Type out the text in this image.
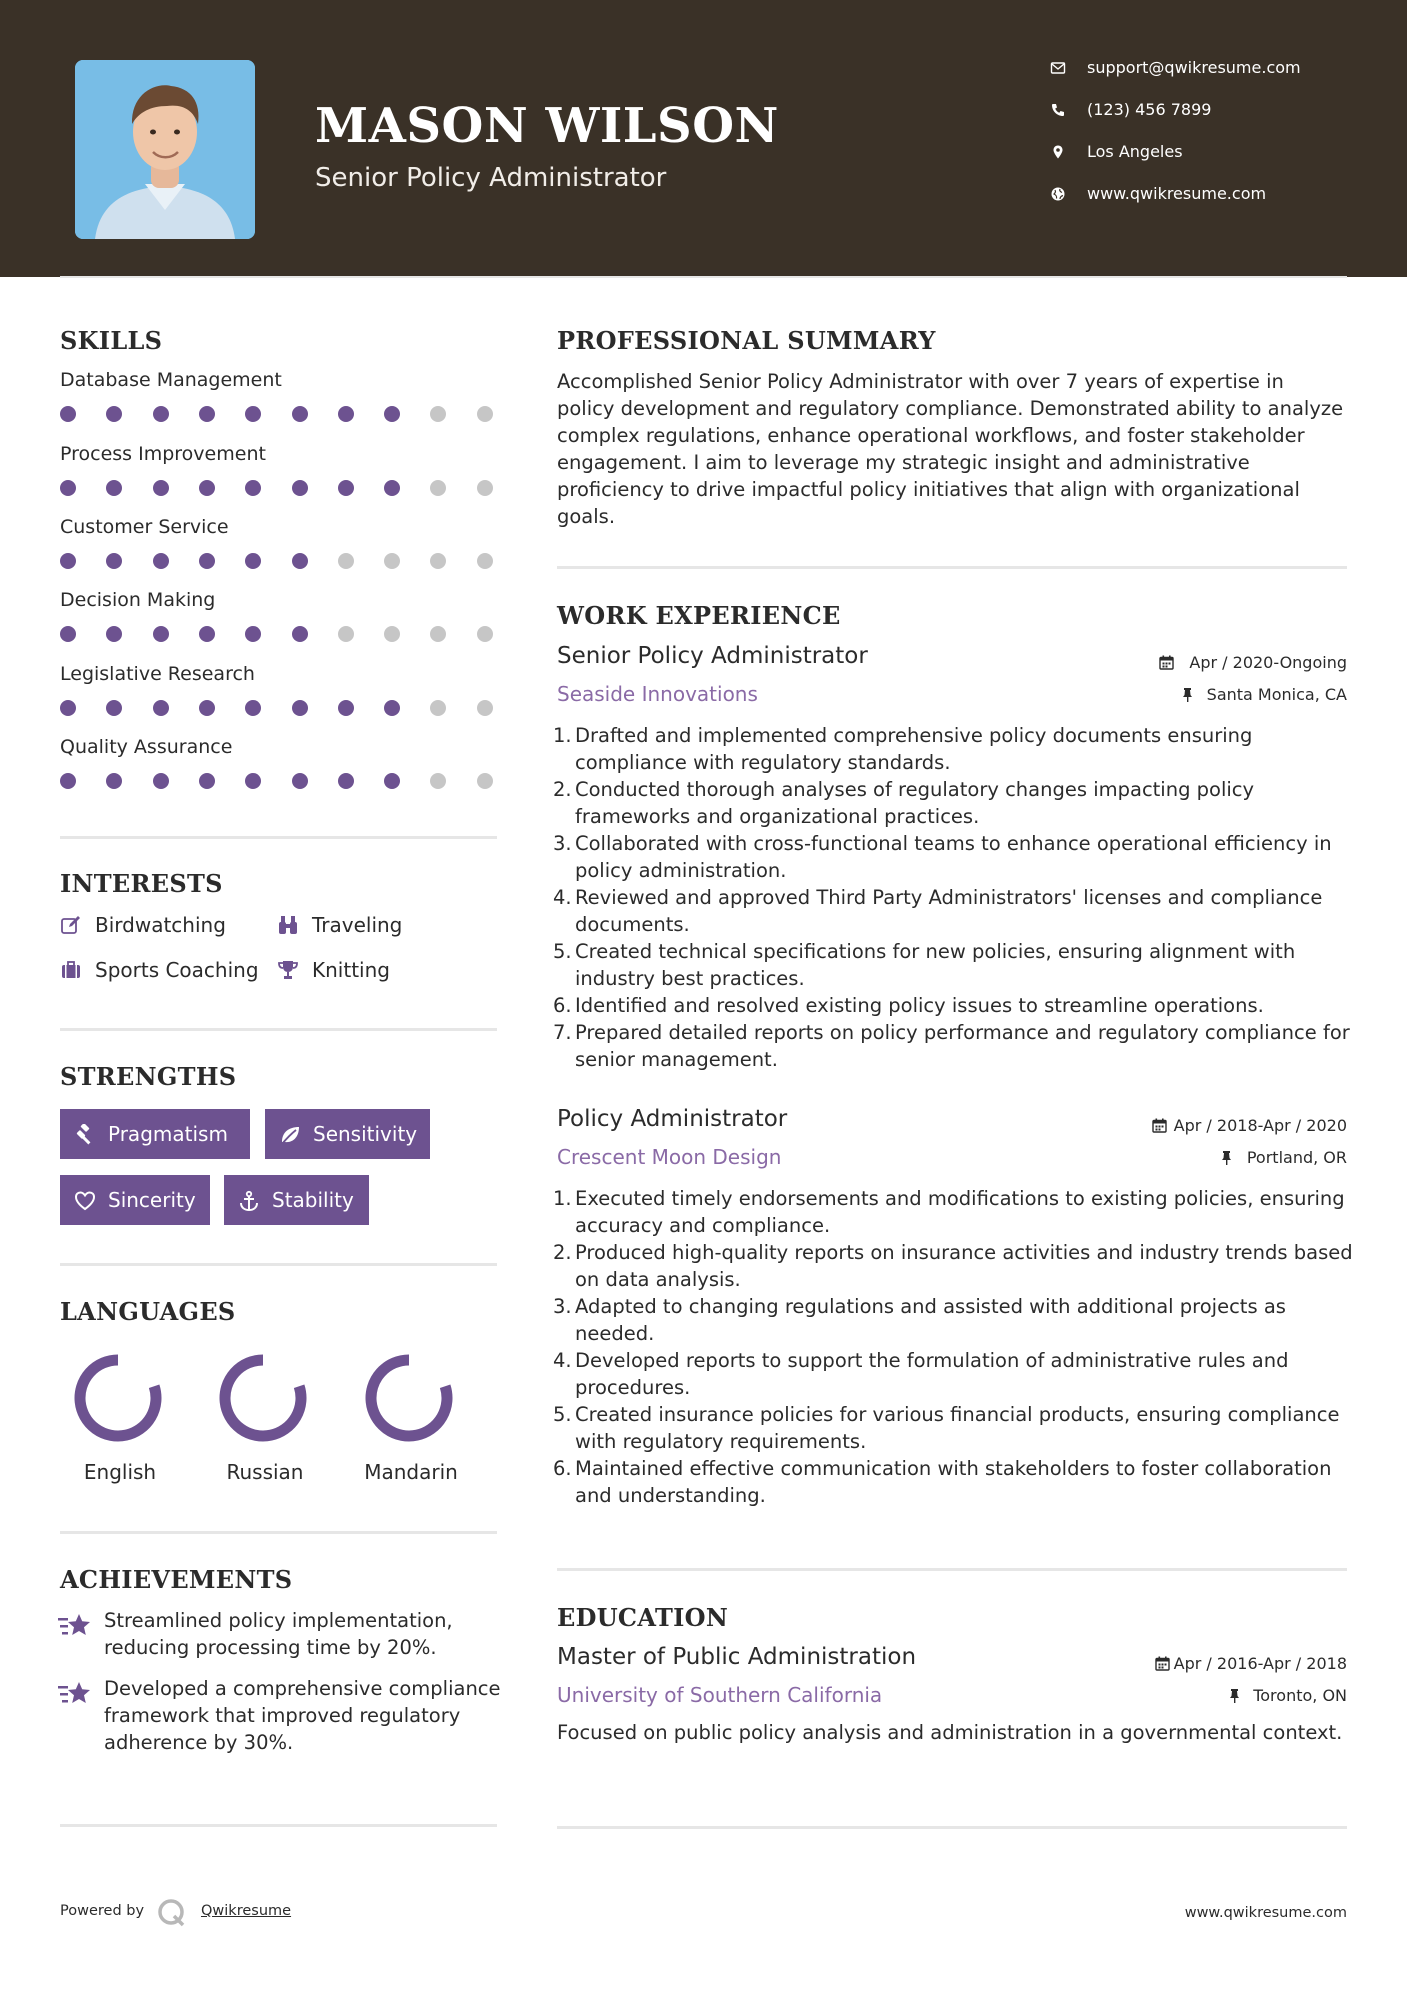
MASON WILSON
Senior Policy Administrator
support@qwikresume.com
(123) 456 7899
Los Angeles
www.qwikresume.com
SKILLS
Database Management
Process Improvement
Customer Service
Decision Making
Legislative Research
Quality Assurance
INTERESTS
Birdwatching	Traveling
Sports Coaching	Knitting
STRENGTHS
Pragmatism	Sensitivity
Sincerity	Stability
LANGUAGES
English	Russian	Mandarin
ACHIEVEMENTS
Streamlined policy implementation, reducing processing time by 20%.
Developed a comprehensive compliance framework that improved regulatory adherence by 30%.
PROFESSIONAL SUMMARY
Accomplished Senior Policy Administrator with over 7 years of expertise in policy development and regulatory compliance. Demonstrated ability to analyze complex regulations, enhance operational workflows, and foster stakeholder engagement. I aim to leverage my strategic insight and administrative proficiency to drive impactful policy initiatives that align with organizational goals.
WORK EXPERIENCE
Senior Policy Administrator	Apr / 2020-Ongoing
Seaside Innovations	Santa Monica, CA
1. Drafted and implemented comprehensive policy documents ensuring compliance with regulatory standards.
2. Conducted thorough analyses of regulatory changes impacting policy frameworks and organizational practices.
3. Collaborated with cross-functional teams to enhance operational efficiency in policy administration.
4. Reviewed and approved Third Party Administrators' licenses and compliance documents.
5. Created technical specifications for new policies, ensuring alignment with industry best practices.
6. Identified and resolved existing policy issues to streamline operations.
7. Prepared detailed reports on policy performance and regulatory compliance for senior management.
Policy Administrator	Apr / 2018-Apr / 2020
Crescent Moon Design	Portland, OR
1. Executed timely endorsements and modifications to existing policies, ensuring accuracy and compliance.
2. Produced high-quality reports on insurance activities and industry trends based on data analysis.
3. Adapted to changing regulations and assisted with additional projects as needed.
4. Developed reports to support the formulation of administrative rules and procedures.
5. Created insurance policies for various financial products, ensuring compliance with regulatory requirements.
6. Maintained effective communication with stakeholders to foster collaboration and understanding.
EDUCATION
Master of Public Administration	Apr / 2016-Apr / 2018
University of Southern California	Toronto, ON
Focused on public policy analysis and administration in a governmental context.
Powered by	Qwikresume	www.qwikresume.com
